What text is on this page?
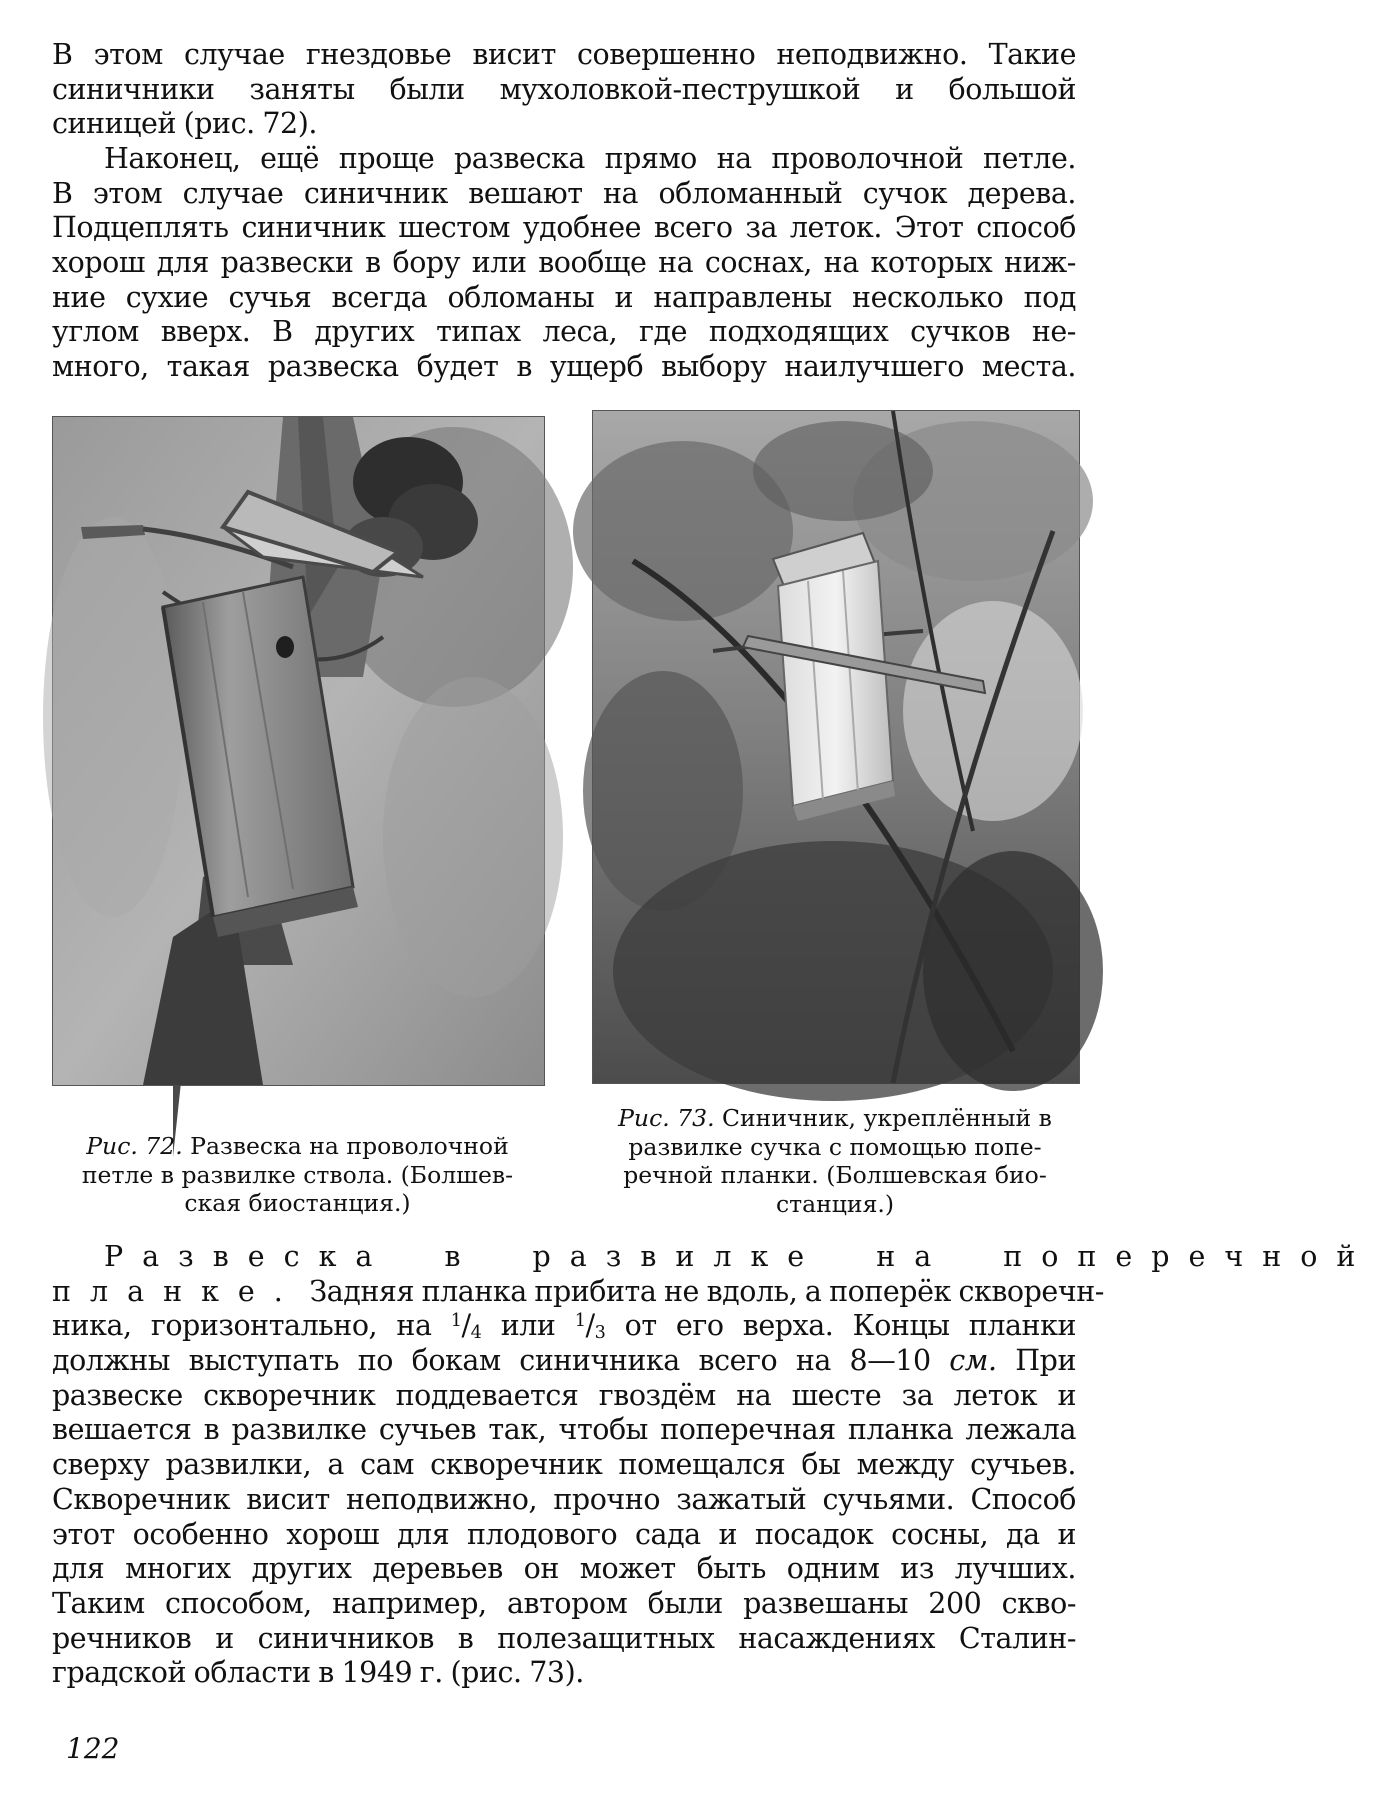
В этом случае гнездовье висит совершенно неподвижно. Такие
синичники заняты были мухоловкой-пеструшкой и большой
синицей (рис. 72).
Наконец, ещё проще развеска прямо на проволочной петле.
В этом случае синичник вешают на обломанный сучок дерева.
Подцеплять синичник шестом удобнее всего за леток. Этот способ
хорош для развески в бору или вообще на соснах, на которых ниж-
ние сухие сучья всегда обломаны и направлены несколько под
углом вверх. В других типах леса, где подходящих сучков не-
много, такая развеска будет в ущерб выбору наилучшего места.
Рис. 72. Развеска на проволочной
петле в развилке ствола. (Болшев-
ская биостанция.)
Рис. 73. Синичник, укреплённый в
развилке сучка с помощью попе-
речной планки. (Болшевская био-
станция.)
Развеска в развилке на поперечной
планке. Задняя планка прибита не вдоль, а поперёк скворечн-
ника, горизонтально, на $^1/_4$ или $^1/_3$ от его верха. Концы планки
должны выступать по бокам синичника всего на 8—10 см. При
развеске скворечник поддевается гвоздём на шесте за леток и
вешается в развилке сучьев так, чтобы поперечная планка лежала
сверху развилки, а сам скворечник помещался бы между сучьев.
Скворечник висит неподвижно, прочно зажатый сучьями. Способ
этот особенно хорош для плодового сада и посадок сосны, да и
для многих других деревьев он может быть одним из лучших.
Таким способом, например, автором были развешаны 200 скво-
речников и синичников в полезащитных насаждениях Сталин-
градской области в 1949 г. (рис. 73).
122
